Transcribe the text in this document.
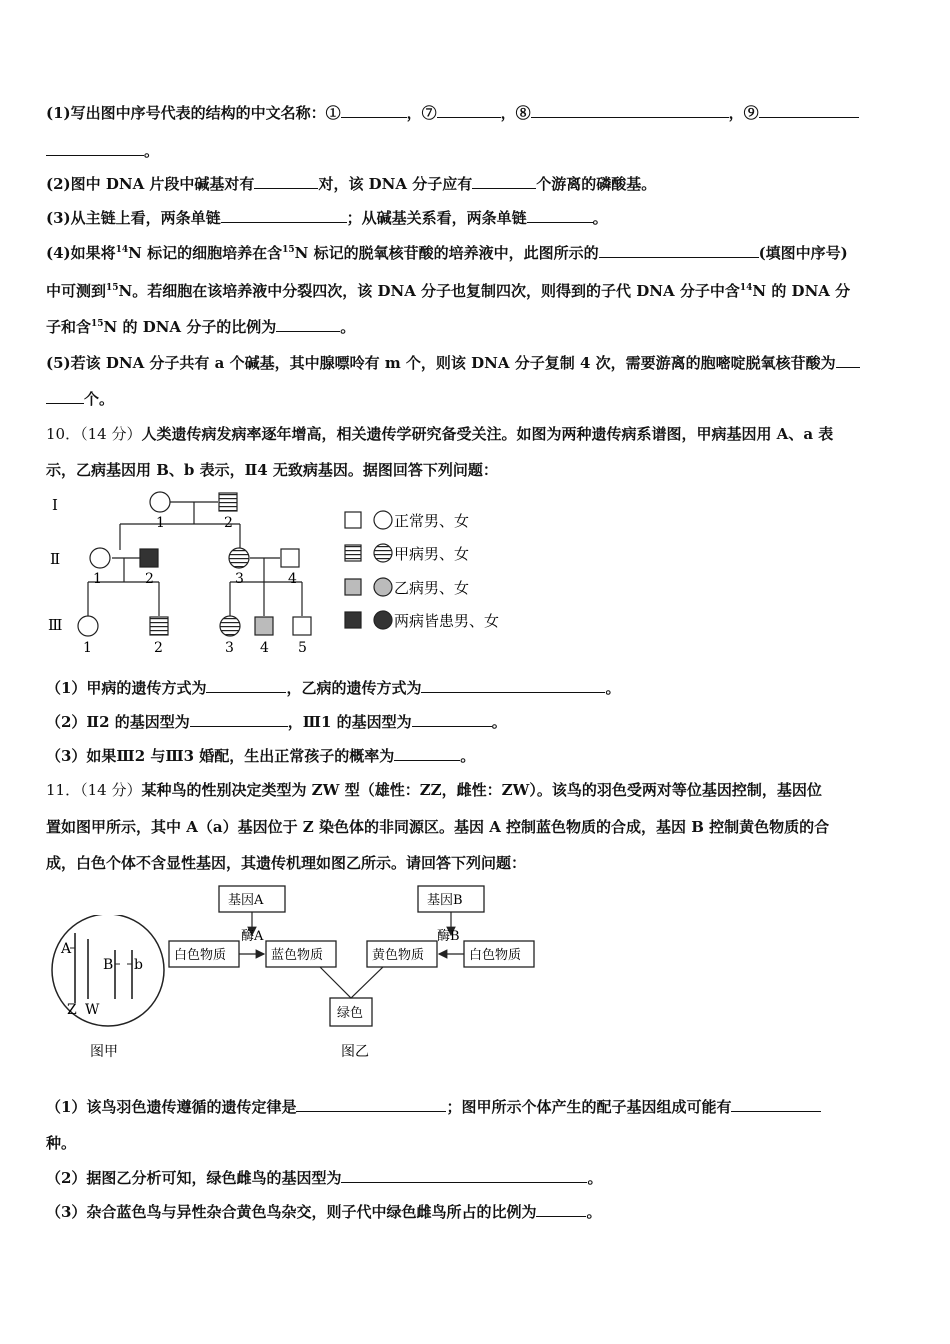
(1)写出图中序号代表的结构的中文名称：①	，⑦	，⑧	，⑨
。
(2)图中 DNA 片段中碱基对有	对，该 DNA 分子应有	个游离的磷酸基。
(3)从主链上看，两条单链	；从碱基关系看，两条单链	。
(4)如果将$^{14}$N 标记的细胞培养在含$^{15}$N 标记的脱氧核苷酸的培养液中，此图所示的	(填图中序号)
中可测到$^{15}$N。若细胞在该培养液中分裂四次，该 DNA 分子也复制四次，则得到的子代 DNA 分子中含$^{14}$N 的 DNA 分
子和含$^{15}$N 的 DNA 分子的比例为	。
(5)若该 DNA 分子共有 a 个碱基，其中腺嘌呤有 m 个，则该 DNA 分子复制 4 次，需要游离的胞嘧啶脱氧核苷酸为
个。
10．（14 分）人类遗传病发病率逐年增高，相关遗传学研究备受关注。如图为两种遗传病系谱图，甲病基因用 A、a 表
示，乙病基因用 B、b 表示，Ⅱ4 无致病基因。据图回答下列问题：
Ⅰ
Ⅱ
Ⅲ
1	2
1	2	3	4
1	2	3 4 5
正常男、女
甲病男、女
乙病男、女
两病皆患男、女
（1）甲病的遗传方式为	，乙病的遗传方式为	。
（2）Ⅱ2 的基因型为	，Ⅲ1 的基因型为	。
（3）如果Ⅲ2 与Ⅲ3 婚配，生出正常孩子的概率为	。
11．（14 分）某种鸟的性别决定类型为 ZW 型（雄性：ZZ，雌性：ZW）。该鸟的羽色受两对等位基因控制，基因位
置如图甲所示，其中 A（a）基因位于 Z 染色体的非同源区。基因 A 控制蓝色物质的合成，基因 B 控制黄色物质的合
成，白色个体不含显性基因，其遗传机理如图乙所示。请回答下列问题：
A
B b
Z W
图甲
基因A	基因B
酶A	酶B
白色物质	蓝色物质	黄色物质	白色物质
绿色
图乙
（1）该鸟羽色遗传遵循的遗传定律是	；图甲所示个体产生的配子基因组成可能有
种。
（2）据图乙分析可知，绿色雌鸟的基因型为	。
（3）杂合蓝色鸟与异性杂合黄色鸟杂交，则子代中绿色雌鸟所占的比例为	。
